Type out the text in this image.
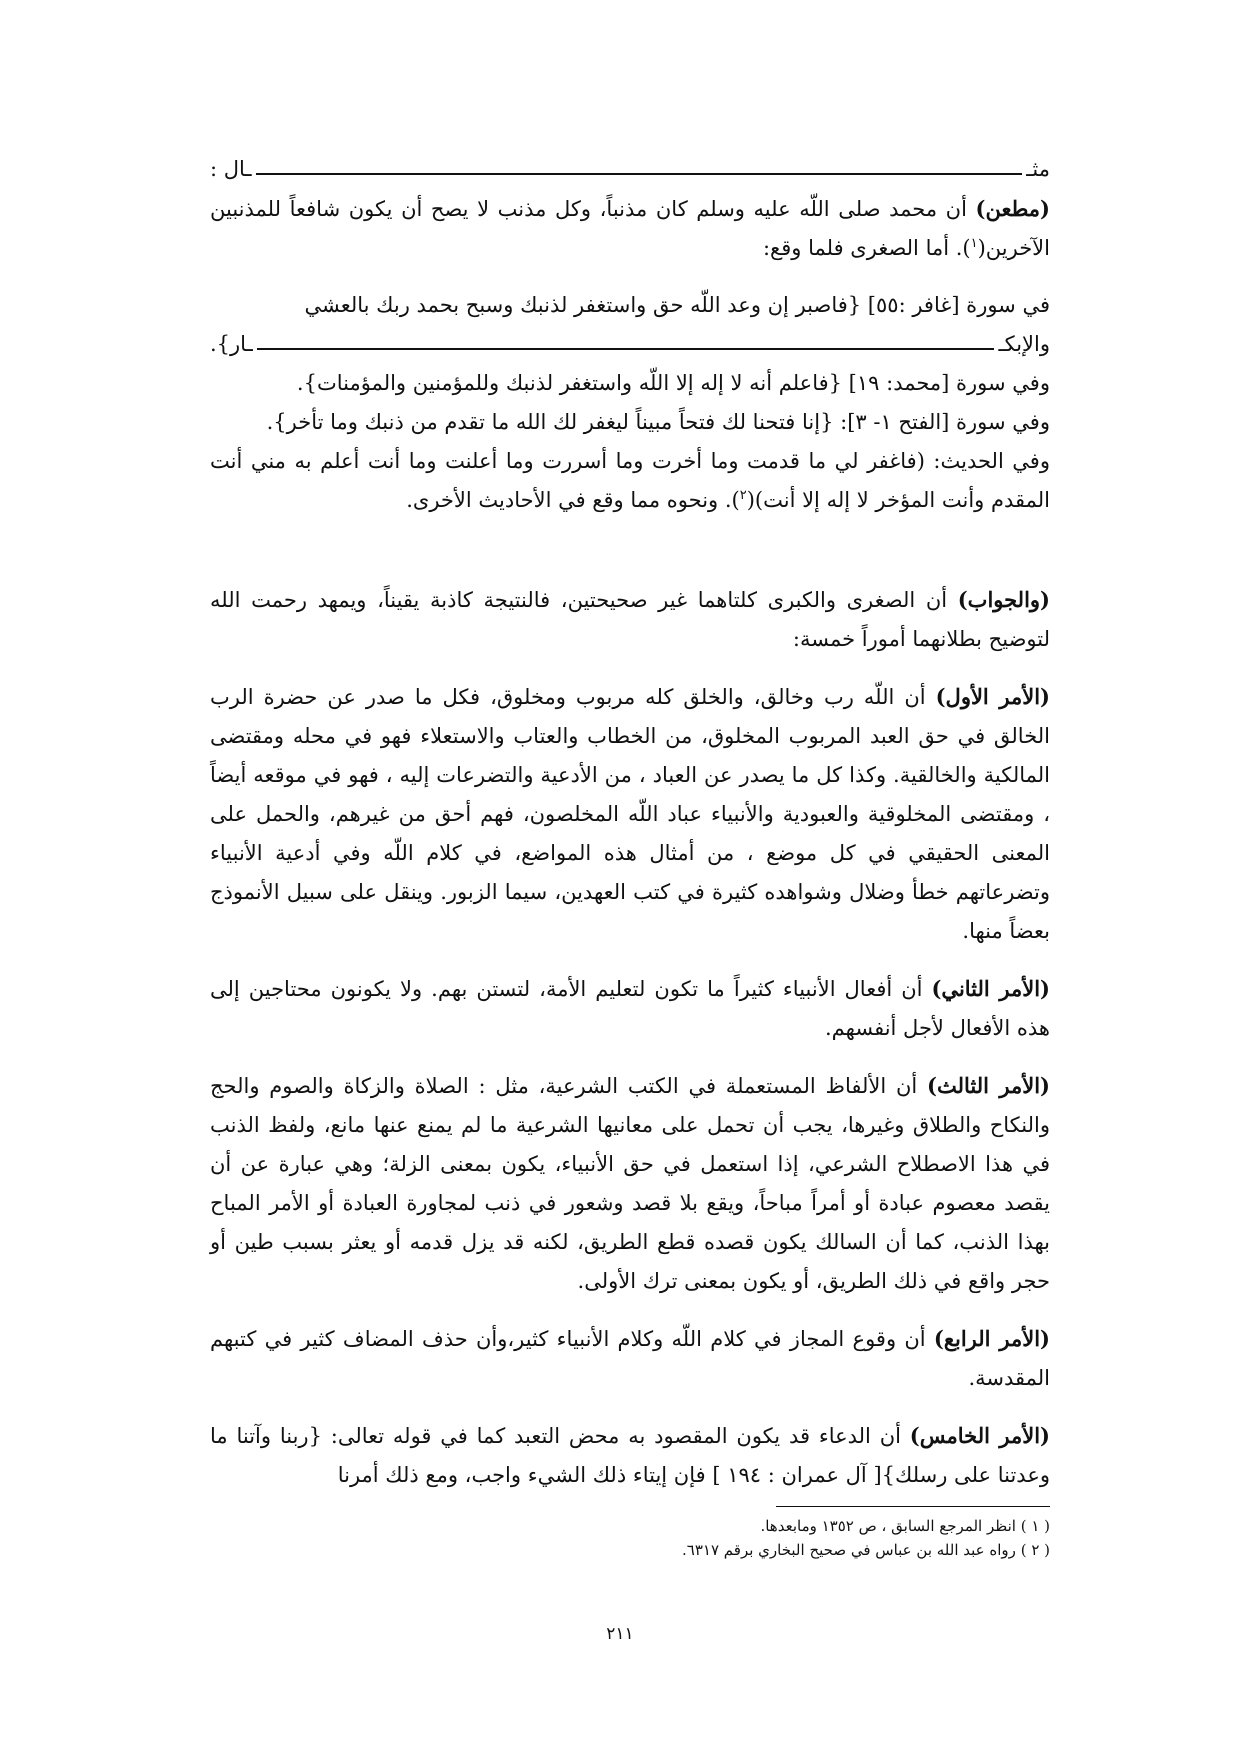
مثـ
ـال :

(مطعن) أن محمد صلى اللّه عليه وسلم كان مذنباً، وكل مذنب لا يصح أن يكون شافعاً للمذنبين الآخرين($^١$). أما الصغرى فلما وقع:

في سورة [غافر :٥٥] {فاصبر إن وعد اللّه حق واستغفر لذنبك وسبح بحمد ربك بالعشي

والإبكـ
ـار}.

وفي سورة [محمد: ١٩] {فاعلم أنه لا إله إلا اللّه واستغفر لذنبك وللمؤمنين والمؤمنات}.

وفي سورة [الفتح ١- ٣]: {إنا فتحنا لك فتحاً مبيناً ليغفر لك الله ما تقدم من ذنبك وما تأخر}.

وفي الحديث: (فاغفر لي ما قدمت وما أخرت وما أسررت وما أعلنت وما أنت أعلم به مني أنت المقدم وأنت المؤخر لا إله إلا أنت)($^٢$). ونحوه مما وقع في الأحاديث الأخرى.

(والجواب) أن الصغرى والكبرى كلتاهما غير صحيحتين، فالنتيجة كاذبة يقيناً، ويمهد رحمت الله لتوضيح بطلانهما أموراً خمسة:

(الأمر الأول) أن اللّه رب وخالق، والخلق كله مربوب ومخلوق، فكل ما صدر عن حضرة الرب الخالق في حق العبد المربوب المخلوق، من الخطاب والعتاب والاستعلاء فهو في محله ومقتضى المالكية والخالقية. وكذا كل ما يصدر عن العباد ، من الأدعية والتضرعات إليه ، فهو في موقعه أيضاً ، ومقتضى المخلوقية والعبودية والأنبياء عباد اللّه المخلصون، فهم أحق من غيرهم، والحمل على المعنى الحقيقي في كل موضع ، من أمثال هذه المواضع، في كلام اللّه وفي أدعية الأنبياء وتضرعاتهم خطأ وضلال وشواهده كثيرة في كتب العهدين، سيما الزبور. وينقل على سبيل الأنموذج بعضاً منها.

(الأمر الثاني) أن أفعال الأنبياء كثيراً ما تكون لتعليم الأمة، لتستن بهم. ولا يكونون محتاجين إلى هذه الأفعال لأجل أنفسهم.

(الأمر الثالث) أن الألفاظ المستعملة في الكتب الشرعية، مثل : الصلاة والزكاة والصوم والحج والنكاح والطلاق وغيرها، يجب أن تحمل على معانيها الشرعية ما لم يمنع عنها مانع، ولفظ الذنب في هذا الاصطلاح الشرعي، إذا استعمل في حق الأنبياء، يكون بمعنى الزلة؛ وهي عبارة عن أن يقصد معصوم عبادة أو أمراً مباحاً، ويقع بلا قصد وشعور في ذنب لمجاورة العبادة أو الأمر المباح بهذا الذنب، كما أن السالك يكون قصده قطع الطريق، لكنه قد يزل قدمه أو يعثر بسبب طين أو حجر واقع في ذلك الطريق، أو يكون بمعنى ترك الأولى.

(الأمر الرابع) أن وقوع المجاز في كلام اللّه وكلام الأنبياء كثير،وأن حذف المضاف كثير في كتبهم المقدسة.

(الأمر الخامس) أن الدعاء قد يكون المقصود به محض التعبد كما في قوله تعالى: {ربنا وآتنا ما وعدتنا على رسلك}[ آل عمران : ١٩٤ ] فإن إيتاء ذلك الشيء واجب، ومع ذلك أمرنا

( ١ ) انظر المرجع السابق ، ص ١٣٥٢ ومابعدها.
( ٢ ) رواه عبد الله بن عباس في صحيح البخاري برقم ٦٣١٧.
٢١١
